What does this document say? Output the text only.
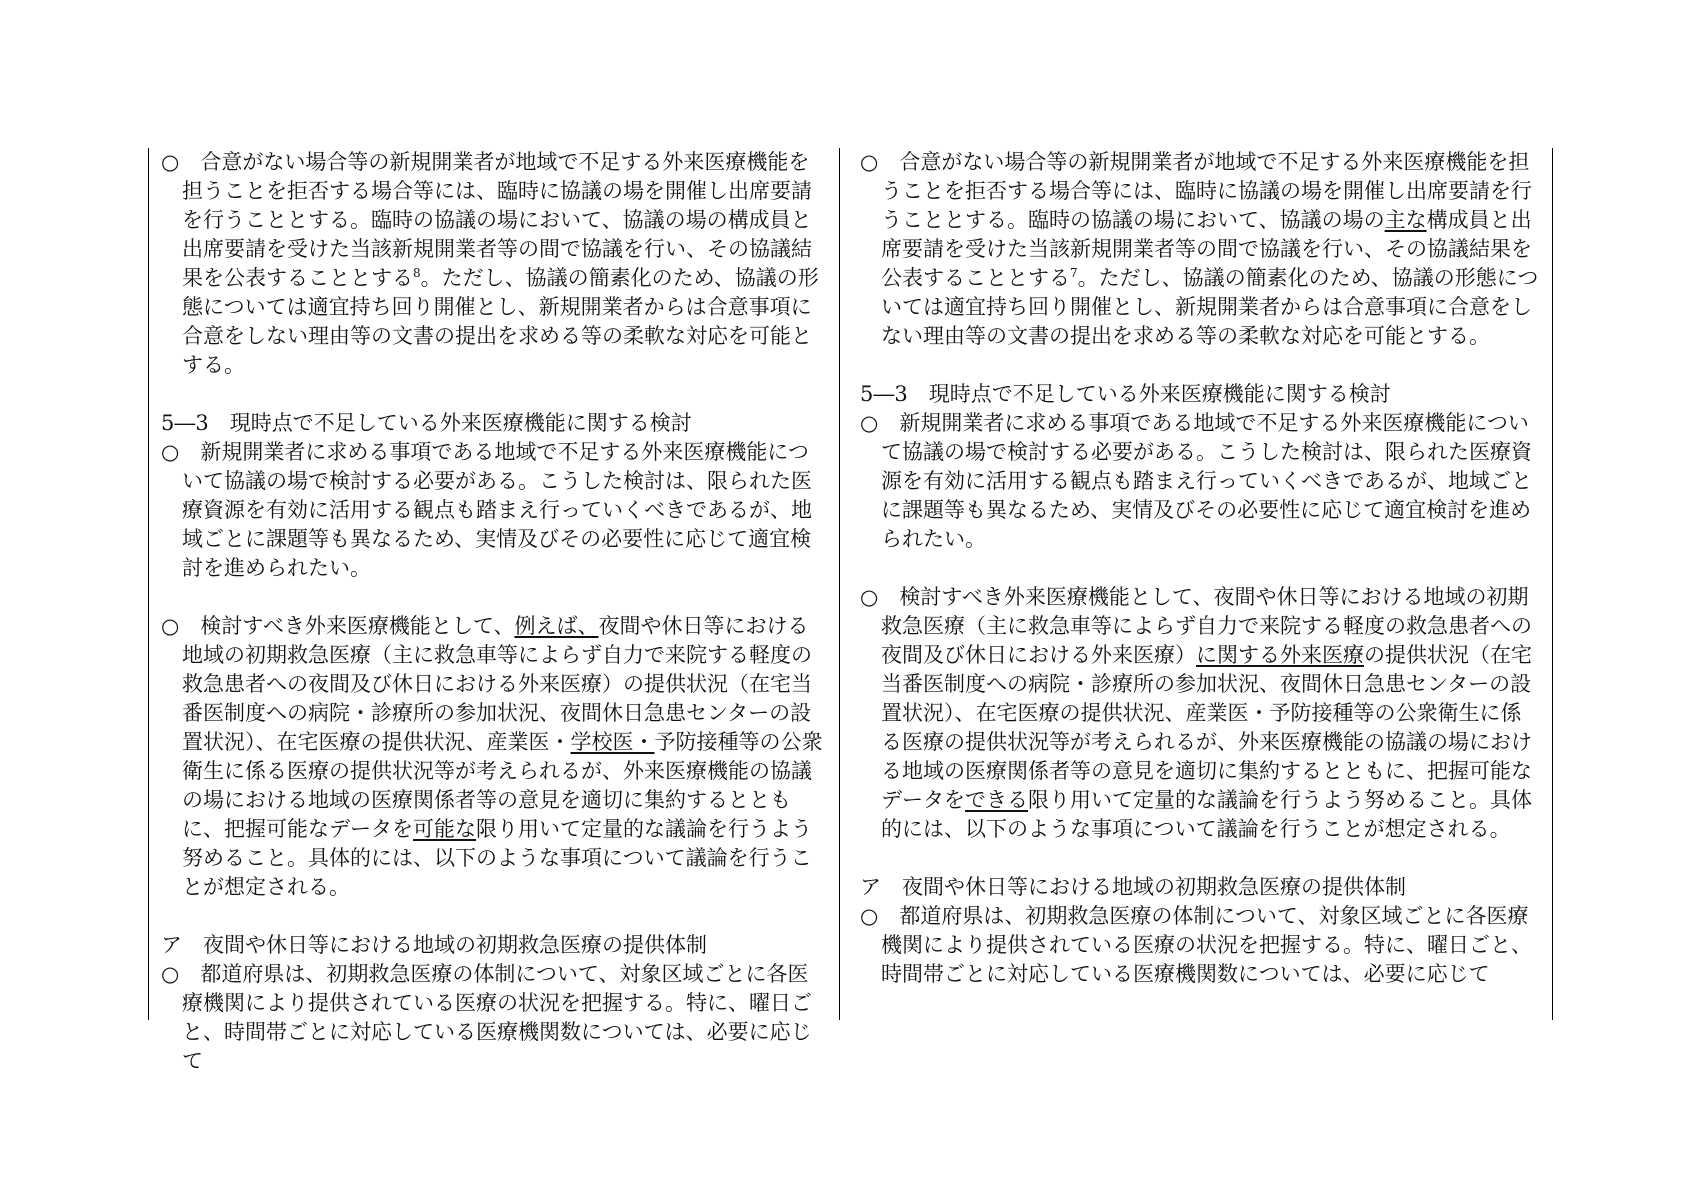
○　合意がない場合等の新規開業者が地域で不足する外来医療機能を担うことを拒否する場合等には、臨時に協議の場を開催し出席要請を行うこととする。臨時の協議の場において、協議の場の構成員と出席要請を受けた当該新規開業者等の間で協議を行い、その協議結果を公表することとする$^8$。ただし、協議の簡素化のため、協議の形態については適宜持ち回り開催とし、新規開業者からは合意事項に合意をしない理由等の文書の提出を求める等の柔軟な対応を可能とする。

5―3　現時点で不足している外来医療機能に関する検討

○　新規開業者に求める事項である地域で不足する外来医療機能について協議の場で検討する必要がある。こうした検討は、限られた医療資源を有効に活用する観点も踏まえ行っていくべきであるが、地域ごとに課題等も異なるため、実情及びその必要性に応じて適宜検討を進められたい。

○　検討すべき外来医療機能として、例えば、夜間や休日等における地域の初期救急医療（主に救急車等によらず自力で来院する軽度の救急患者への夜間及び休日における外来医療）の提供状況（在宅当番医制度への病院・診療所の参加状況、夜間休日急患センターの設置状況）、在宅医療の提供状況、産業医・学校医・予防接種等の公衆衛生に係る医療の提供状況等が考えられるが、外来医療機能の協議の場における地域の医療関係者等の意見を適切に集約するとともに、把握可能なデータを可能な限り用いて定量的な議論を行うよう努めること。具体的には、以下のような事項について議論を行うことが想定される。

ア　夜間や休日等における地域の初期救急医療の提供体制

○　都道府県は、初期救急医療の体制について、対象区域ごとに各医療機関により提供されている医療の状況を把握する。特に、曜日ごと、時間帯ごとに対応している医療機関数については、必要に応じて

○　合意がない場合等の新規開業者が地域で不足する外来医療機能を担うことを拒否する場合等には、臨時に協議の場を開催し出席要請を行うこととする。臨時の協議の場において、協議の場の主な構成員と出席要請を受けた当該新規開業者等の間で協議を行い、その協議結果を公表することとする$^7$。ただし、協議の簡素化のため、協議の形態については適宜持ち回り開催とし、新規開業者からは合意事項に合意をしない理由等の文書の提出を求める等の柔軟な対応を可能とする。

5―3　現時点で不足している外来医療機能に関する検討

○　新規開業者に求める事項である地域で不足する外来医療機能について協議の場で検討する必要がある。こうした検討は、限られた医療資源を有効に活用する観点も踏まえ行っていくべきであるが、地域ごとに課題等も異なるため、実情及びその必要性に応じて適宜検討を進められたい。

○　検討すべき外来医療機能として、夜間や休日等における地域の初期救急医療（主に救急車等によらず自力で来院する軽度の救急患者への夜間及び休日における外来医療）に関する外来医療の提供状況（在宅当番医制度への病院・診療所の参加状況、夜間休日急患センターの設置状況）、在宅医療の提供状況、産業医・予防接種等の公衆衛生に係る医療の提供状況等が考えられるが、外来医療機能の協議の場における地域の医療関係者等の意見を適切に集約するとともに、把握可能なデータをできる限り用いて定量的な議論を行うよう努めること。具体的には、以下のような事項について議論を行うことが想定される。

ア　夜間や休日等における地域の初期救急医療の提供体制

○　都道府県は、初期救急医療の体制について、対象区域ごとに各医療機関により提供されている医療の状況を把握する。特に、曜日ごと、時間帯ごとに対応している医療機関数については、必要に応じて
